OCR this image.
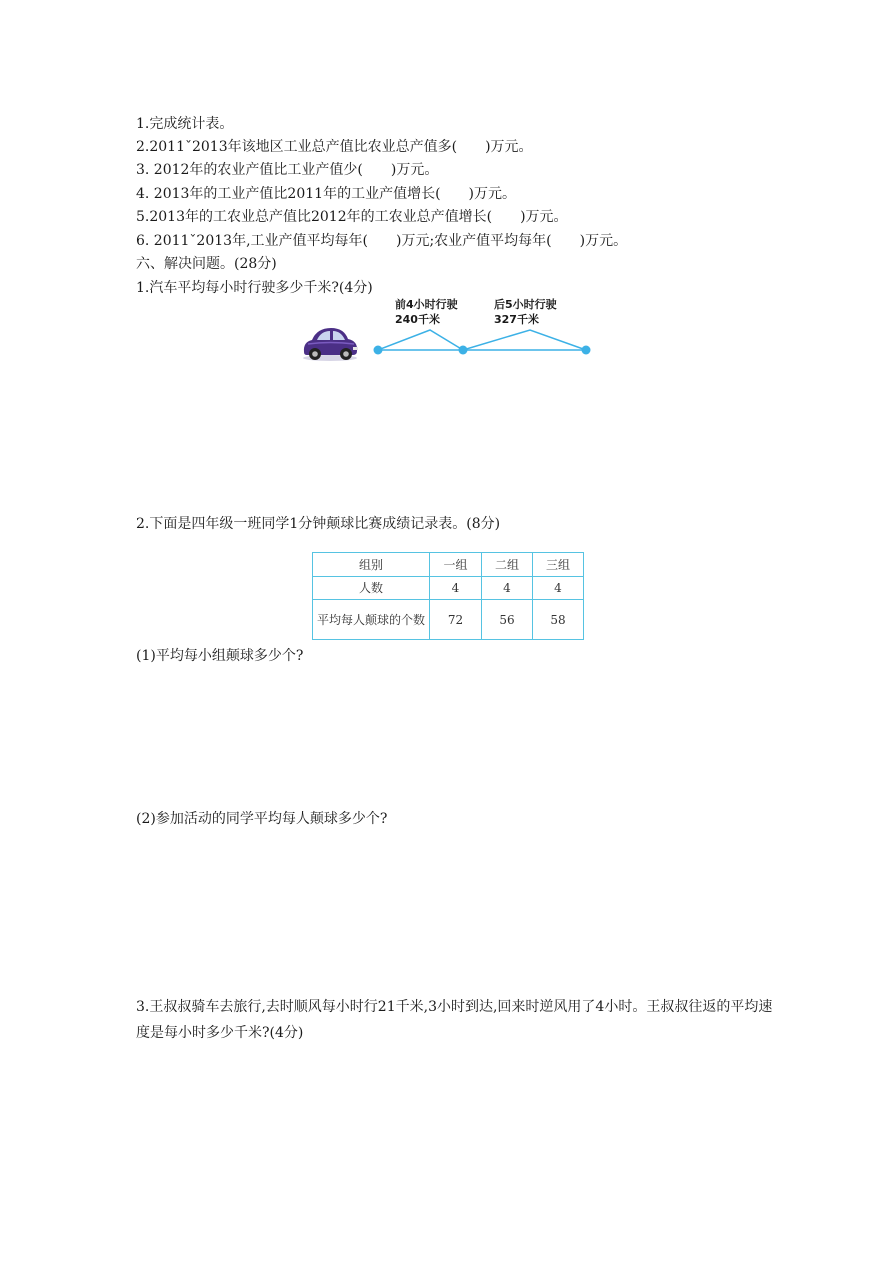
1.完成统计表。
2.2011ˇ2013年该地区工业总产值比农业总产值多(　　)万元。
3. 2012年的农业产值比工业产值少(　　)万元。
4. 2013年的工业产值比2011年的工业产值增长(　　)万元。
5.2013年的工农业总产值比2012年的工农业总产值增长(　　)万元。
6. 2011ˇ2013年,工业产值平均每年(　　)万元;农业产值平均每年(　　)万元。
六、解决问题。(28分)
1.汽车平均每小时行驶多少千米?(4分)
前4小时行驶
240千米
后5小时行驶
327千米
2.下面是四年级一班同学1分钟颠球比赛成绩记录表。(8分)
组别	一组	二组	三组
人数	4	4	4
平均每人颠球的个数	72	56	58
(1)平均每小组颠球多少个?
(2)参加活动的同学平均每人颠球多少个?
3.王叔叔骑车去旅行,去时顺风每小时行21千米,3小时到达,回来时逆风用了4小时。王叔叔往返的平均速度是每小时多少千米?(4分)
